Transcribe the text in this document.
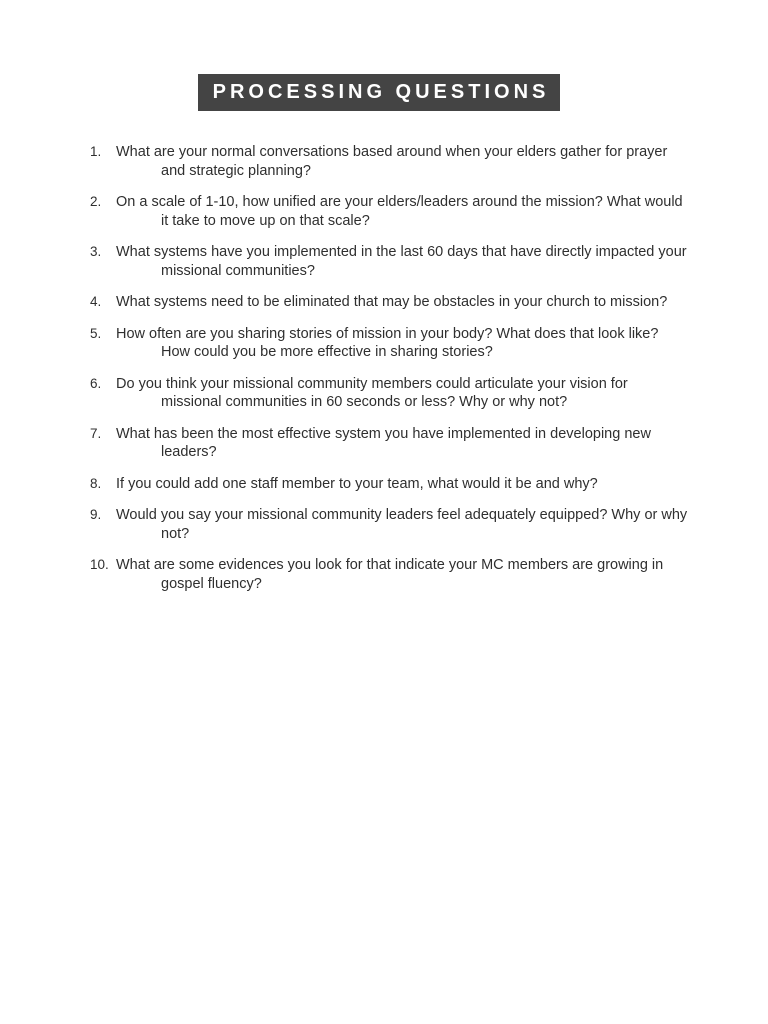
PROCESSING QUESTIONS
1. What are your normal conversations based around when your elders gather for prayer and strategic planning?
2. On a scale of 1-10, how unified are your elders/leaders around the mission? What would it take to move up on that scale?
3. What systems have you implemented in the last 60 days that have directly impacted your missional communities?
4. What systems need to be eliminated that may be obstacles in your church to mission?
5. How often are you sharing stories of mission in your body? What does that look like? How could you be more effective in sharing stories?
6. Do you think your missional community members could articulate your vision for missional communities in 60 seconds or less? Why or why not?
7. What has been the most effective system you have implemented in developing new leaders?
8. If you could add one staff member to your team, what would it be and why?
9. Would you say your missional community leaders feel adequately equipped? Why or why not?
10. What are some evidences you look for that indicate your MC members are growing in gospel fluency?
